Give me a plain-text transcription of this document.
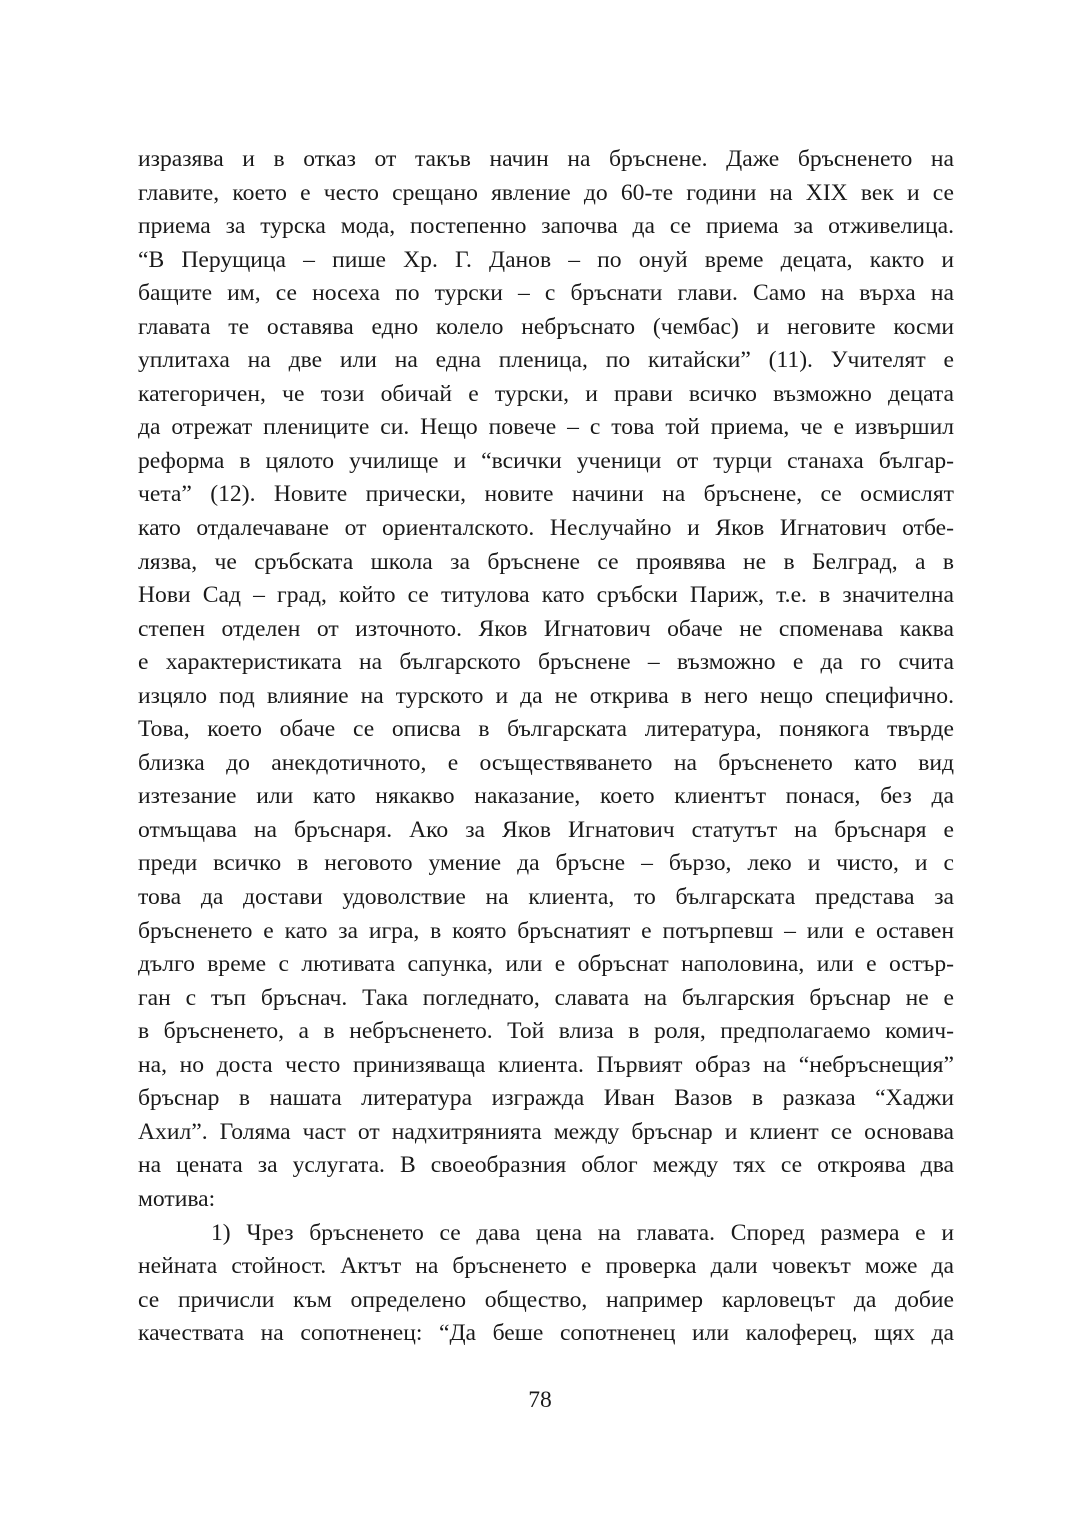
изразява и в отказ от такъв начин на бръснене. Даже бръсненето на
главите, което е често срещано явление до 60-те години на XIX век и се
приема за турска мода, постепенно започва да се приема за отживелица.
“В Перущица – пише Хр. Г. Данов – по онуй време децата, както и
бащите им, се носеха по турски – с бръснати глави. Само на върха на
главата те оставява едно колело небръснато (чембас) и неговите косми
уплитаха на две или на една пленица, по китайски” (11). Учителят е
категоричен, че този обичай е турски, и прави всичко възможно децата
да отрежат плениците си. Нещо повече – с това той приема, че е извършил
реформа в цялото училище и “всички ученици от турци станаха българ-
чета” (12). Новите прически, новите начини на бръснене, се осмислят
като отдалечаване от ориенталското. Неслучайно и Яков Игнатович отбе-
лязва, че сръбската школа за бръснене се проявява не в Белград, а в
Нови Сад – град, който се титулова като сръбски Париж, т.е. в значителна
степен отделен от източното. Яков Игнатович обаче не споменава каква
е характеристиката на българското бръснене – възможно е да го счита
изцяло под влияние на турското и да не открива в него нещо специфично.
Това, което обаче се описва в българската литература, понякога твърде
близка до анекдотичното, е осъществяването на бръсненето като вид
изтезание или като някакво наказание, което клиентът понася, без да
отмъщава на бръснаря. Ако за Яков Игнатович статутът на бръснаря е
преди всичко в неговото умение да бръсне – бързо, леко и чисто, и с
това да достави удоволствие на клиента, то българската представа за
бръсненето е като за игра, в която бръснатият е потърпевш – или е оставен
дълго време с лютивата сапунка, или е обръснат наполовина, или е остър-
ган с тъп бръснач. Така погледнато, славата на българския бръснар не е
в бръсненето, а в небръсненето. Той влиза в роля, предполагаемо комич-
на, но доста често принизяваща клиента. Първият образ на “небръснещия”
бръснар в нашата литература изгражда Иван Вазов в разказа “Хаджи
Ахил”. Голяма част от надхитрянията между бръснар и клиент се основава
на цената за услугата. В своеобразния облог между тях се откроява два
мотива:
1) Чрез бръсненето се дава цена на главата. Според размера е и
нейната стойност. Актът на бръсненето е проверка дали човекът може да
се причисли към определено общество, например карловецът да добие
качествата на сопотненец: “Да беше сопотненец или калоферец, щях да
78
